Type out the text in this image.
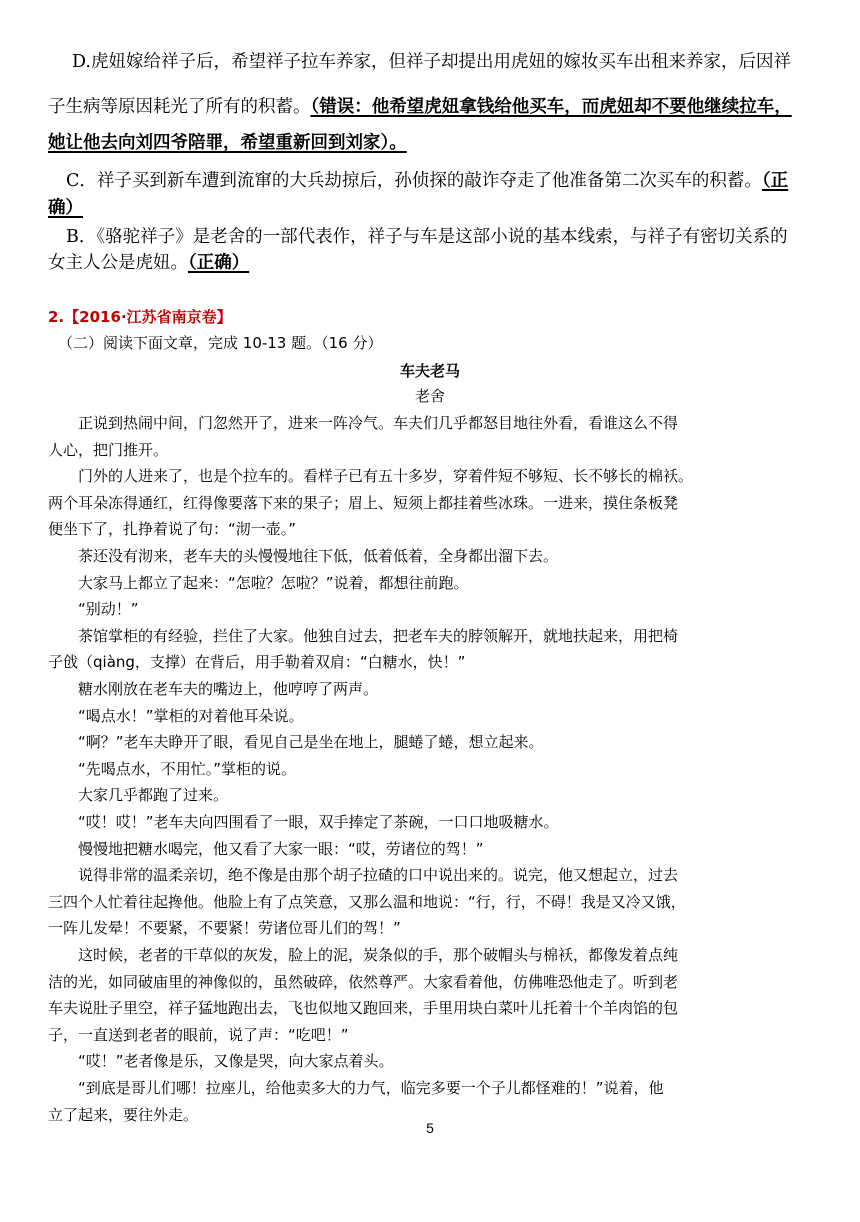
D.虎妞嫁给祥子后，希望祥子拉车养家，但祥子却提出用虎妞的嫁妆买车出租来养家，后因祥
子生病等原因耗光了所有的积蓄。（错误：他希望虎妞拿钱给他买车，而虎妞却不要他继续拉车，
她让他去向刘四爷陪罪，希望重新回到刘家）。
C．祥子买到新车遭到流窜的大兵劫掠后，孙侦探的敲诈夺走了他准备第二次买车的积蓄。（正
确）
B．《骆驼祥子》是老舍的一部代表作，祥子与车是这部小说的基本线索，与祥子有密切关系的
女主人公是虎妞。（正确）
2.【2016·江苏省南京卷】
（二）阅读下面文章，完成 10-13 题。（16 分）
车夫老马
老舍
　　正说到热闹中间，门忽然开了，进来一阵冷气。车夫们几乎都怒目地往外看，看谁这么不得
人心，把门推开。
　　门外的人进来了，也是个拉车的。看样子已有五十多岁，穿着件短不够短、长不够长的棉袄。
两个耳朵冻得通红，红得像要落下来的果子；眉上、短须上都挂着些冰珠。一进来，摸住条板凳
便坐下了，扎挣着说了句：“沏一壶。”
　　茶还没有沏来，老车夫的头慢慢地往下低，低着低着，全身都出溜下去。
　　大家马上都立了起来：“怎啦？怎啦？”说着，都想往前跑。
　　“别动！”
　　茶馆掌柜的有经验，拦住了大家。他独自过去，把老车夫的脖领解开，就地扶起来，用把椅
子戗（qiàng，支撑）在背后，用手勒着双肩：“白糖水，快！”
　　糖水刚放在老车夫的嘴边上，他哼哼了两声。
　　“喝点水！”掌柜的对着他耳朵说。
　　“啊？”老车夫睁开了眼，看见自己是坐在地上，腿蜷了蜷，想立起来。
　　“先喝点水，不用忙。”掌柜的说。
　　大家几乎都跑了过来。
　　“哎！哎！”老车夫向四围看了一眼，双手捧定了茶碗，一口口地吸糖水。
　　慢慢地把糖水喝完，他又看了大家一眼：“哎，劳诸位的驾！”
　　说得非常的温柔亲切，绝不像是由那个胡子拉碴的口中说出来的。说完，他又想起立，过去
三四个人忙着往起搀他。他脸上有了点笑意，又那么温和地说：“行，行，不碍！我是又冷又饿，
一阵儿发晕！不要紧，不要紧！劳诸位哥儿们的驾！”
　　这时候，老者的干草似的灰发，脸上的泥，炭条似的手，那个破帽头与棉袄，都像发着点纯
洁的光，如同破庙里的神像似的，虽然破碎，依然尊严。大家看着他，仿佛唯恐他走了。听到老
车夫说肚子里空，祥子猛地跑出去，飞也似地又跑回来，手里用块白菜叶儿托着十个羊肉馅的包
子，一直送到老者的眼前，说了声：“吃吧！”
　　“哎！”老者像是乐，又像是哭，向大家点着头。
　　“到底是哥儿们哪！拉座儿，给他卖多大的力气，临完多要一个子儿都怪难的！”说着，他
立了起来，要往外走。
5
